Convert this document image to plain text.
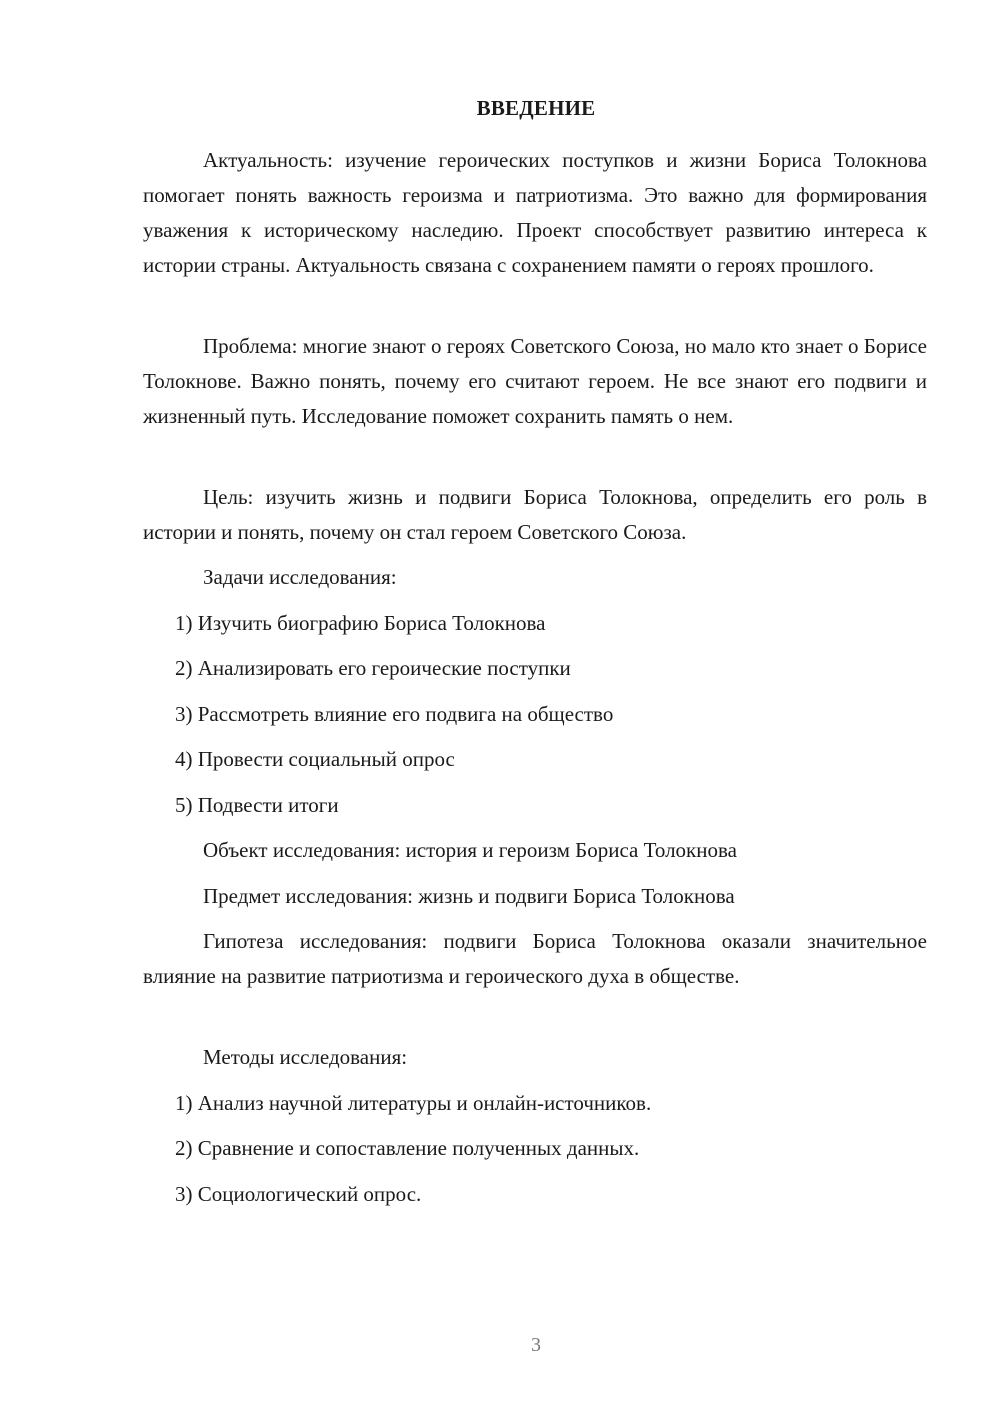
ВВЕДЕНИЕ

Актуальность: изучение героических поступков и жизни Бориса Толокнова помогает понять важность героизма и патриотизма. Это важно для формирования уважения к историческому наследию. Проект способствует развитию интереса к истории страны. Актуальность связана с сохранением памяти о героях прошлого.

Проблема: многие знают о героях Советского Союза, но мало кто знает о Борисе Толокнове. Важно понять, почему его считают героем. Не все знают его подвиги и жизненный путь. Исследование поможет сохранить память о нем.

Цель: изучить жизнь и подвиги Бориса Толокнова, определить его роль в истории и понять, почему он стал героем Советского Союза.

Задачи исследования:

1) Изучить биографию Бориса Толокнова

2) Анализировать его героические поступки

3) Рассмотреть влияние его подвига на общество

4) Провести социальный опрос

5) Подвести итоги

Объект исследования: история и героизм Бориса Толокнова

Предмет исследования: жизнь и подвиги Бориса Толокнова

Гипотеза исследования: подвиги Бориса Толокнова оказали значительное влияние на развитие патриотизма и героического духа в обществе.

Методы исследования:

1) Анализ научной литературы и онлайн-источников.

2) Сравнение и сопоставление полученных данных.

3) Социологический опрос.

3
